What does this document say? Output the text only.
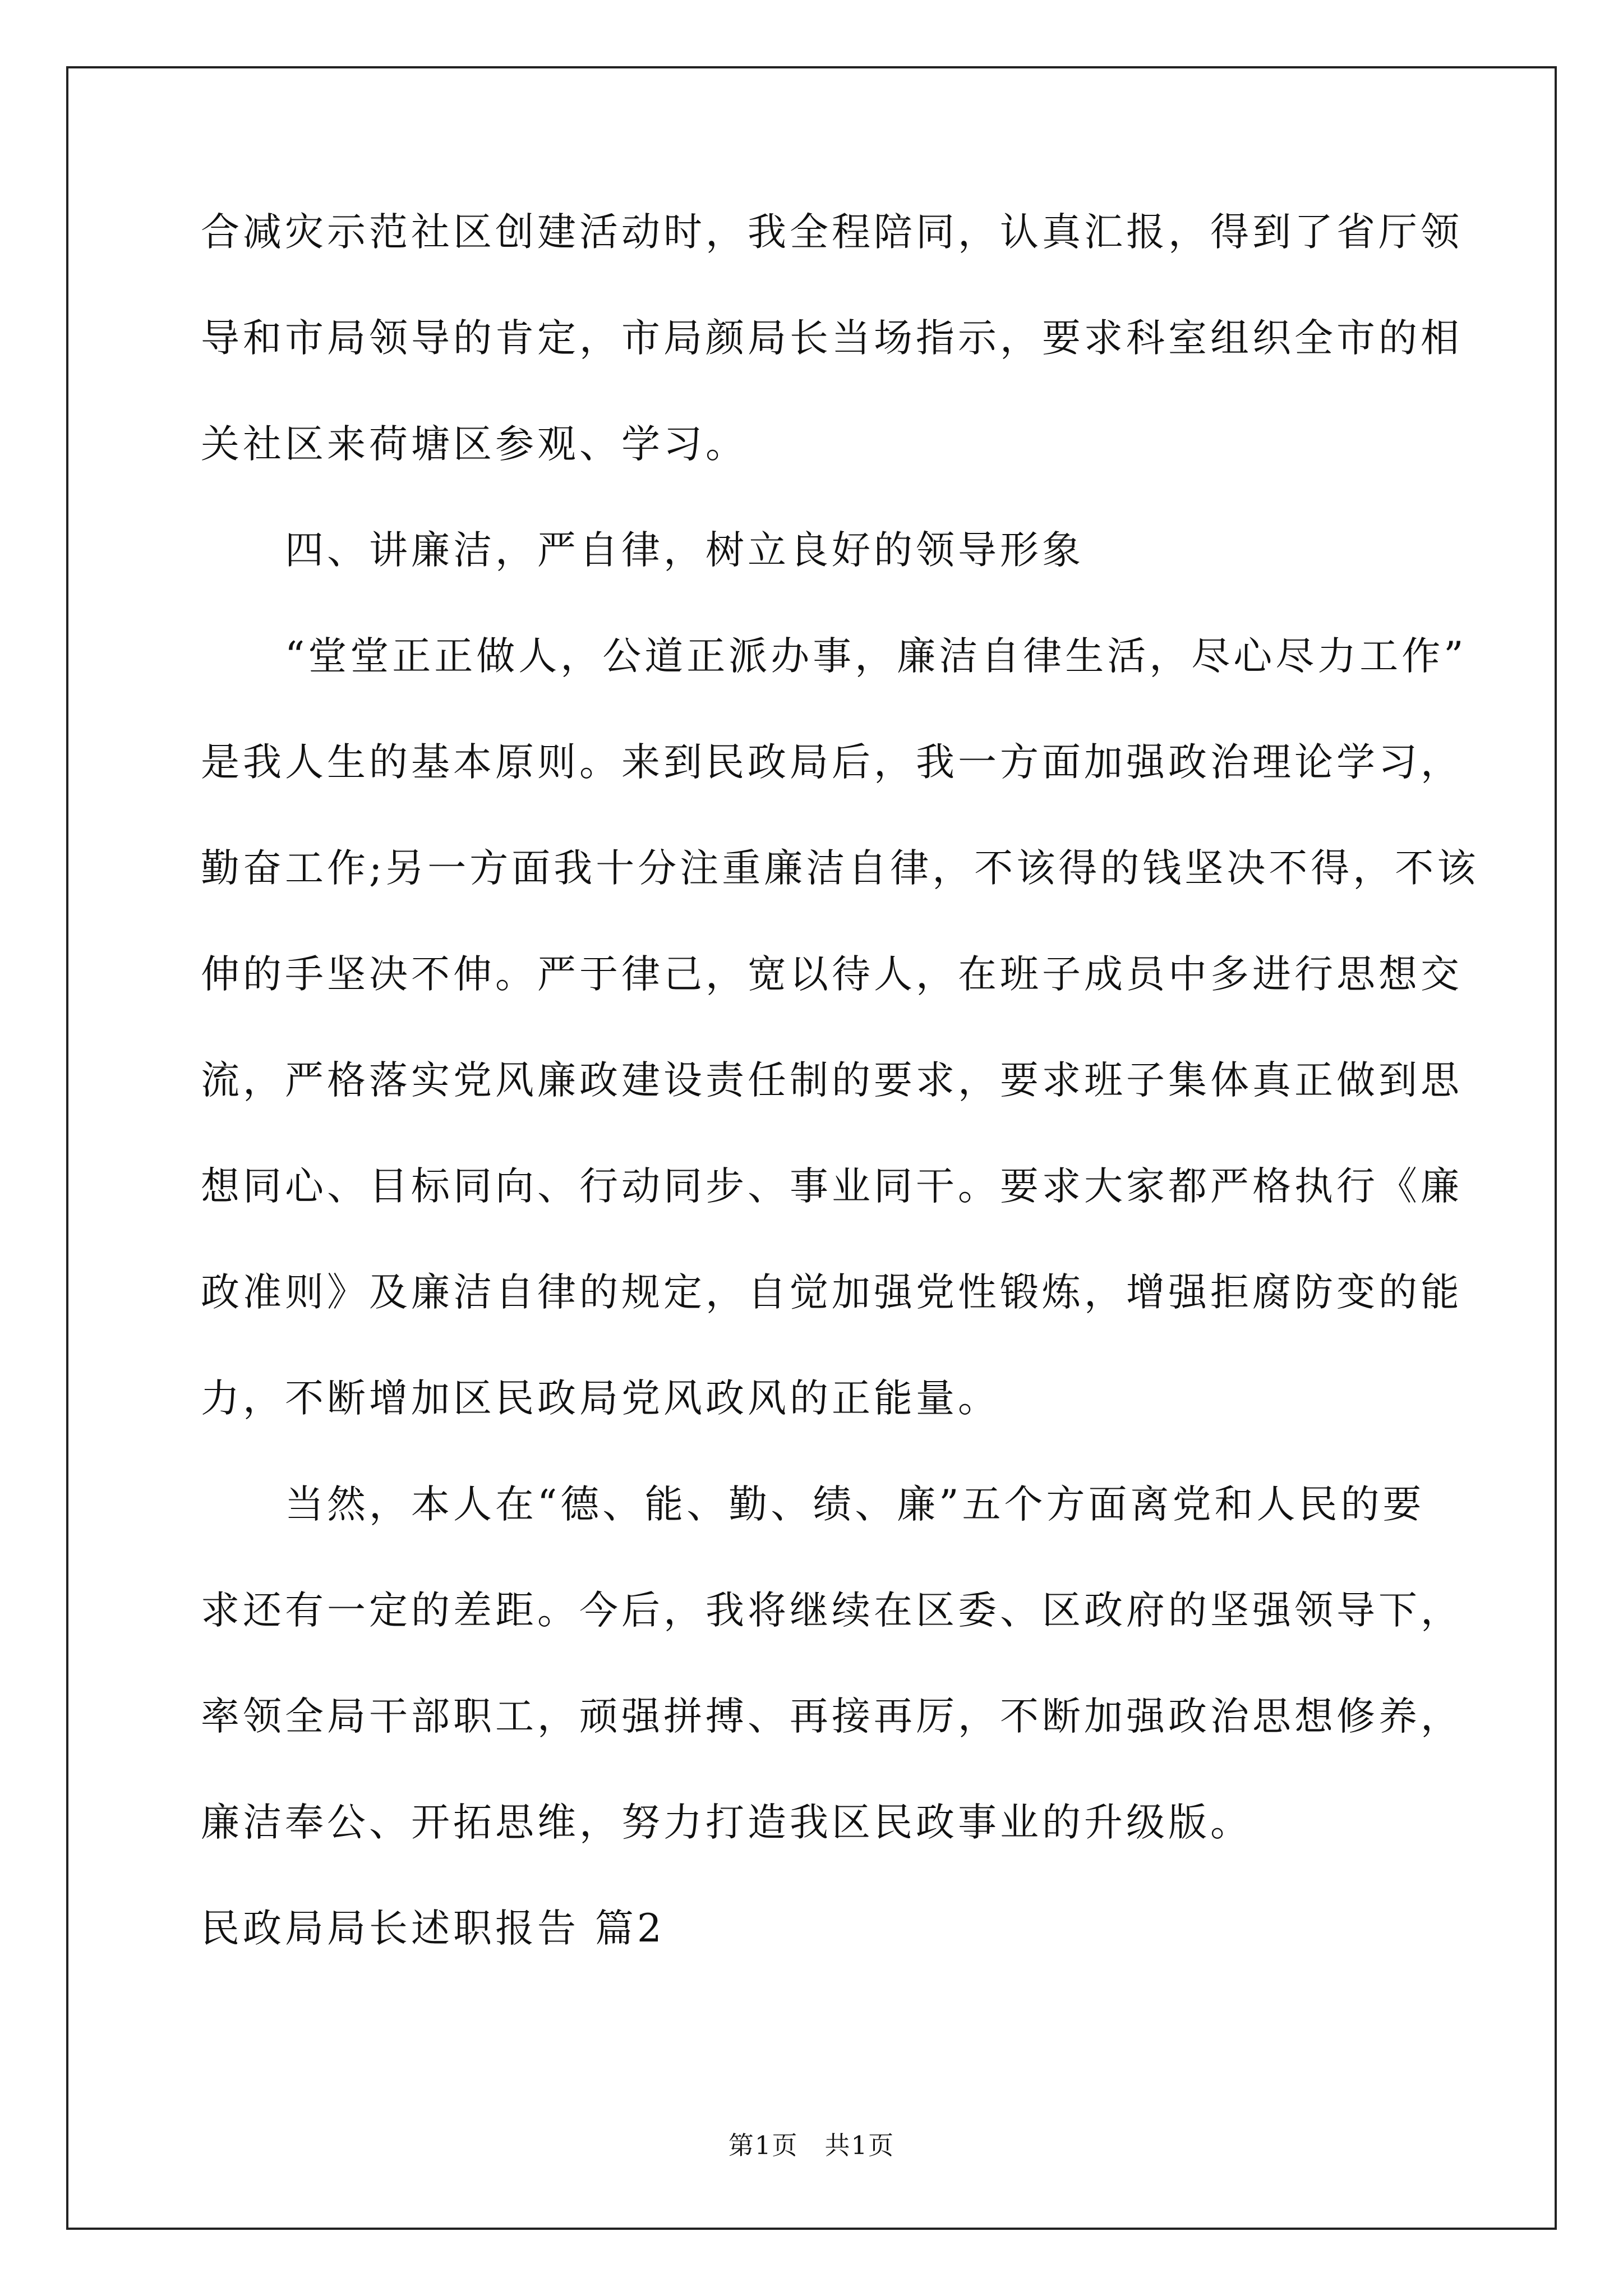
合减灾示范社区创建活动时，我全程陪同，认真汇报，得到了省厅领
导和市局领导的肯定，市局颜局长当场指示，要求科室组织全市的相
关社区来荷塘区参观、学习。
四、讲廉洁，严自律，树立良好的领导形象
“堂堂正正做人，公道正派办事，廉洁自律生活，尽心尽力工作”
是我人生的基本原则。来到民政局后，我一方面加强政治理论学习，
勤奋工作;另一方面我十分注重廉洁自律，不该得的钱坚决不得，不该
伸的手坚决不伸。严于律己，宽以待人，在班子成员中多进行思想交
流，严格落实党风廉政建设责任制的要求，要求班子集体真正做到思
想同心、目标同向、行动同步、事业同干。要求大家都严格执行《廉
政准则》及廉洁自律的规定，自觉加强党性锻炼，增强拒腐防变的能
力，不断增加区民政局党风政风的正能量。
当然，本人在“德、能、勤、绩、廉”五个方面离党和人民的要
求还有一定的差距。今后，我将继续在区委、区政府的坚强领导下，
率领全局干部职工，顽强拼搏、再接再厉，不断加强政治思想修养，
廉洁奉公、开拓思维，努力打造我区民政事业的升级版。
民政局局长述职报告 篇2
第1页　共1页
